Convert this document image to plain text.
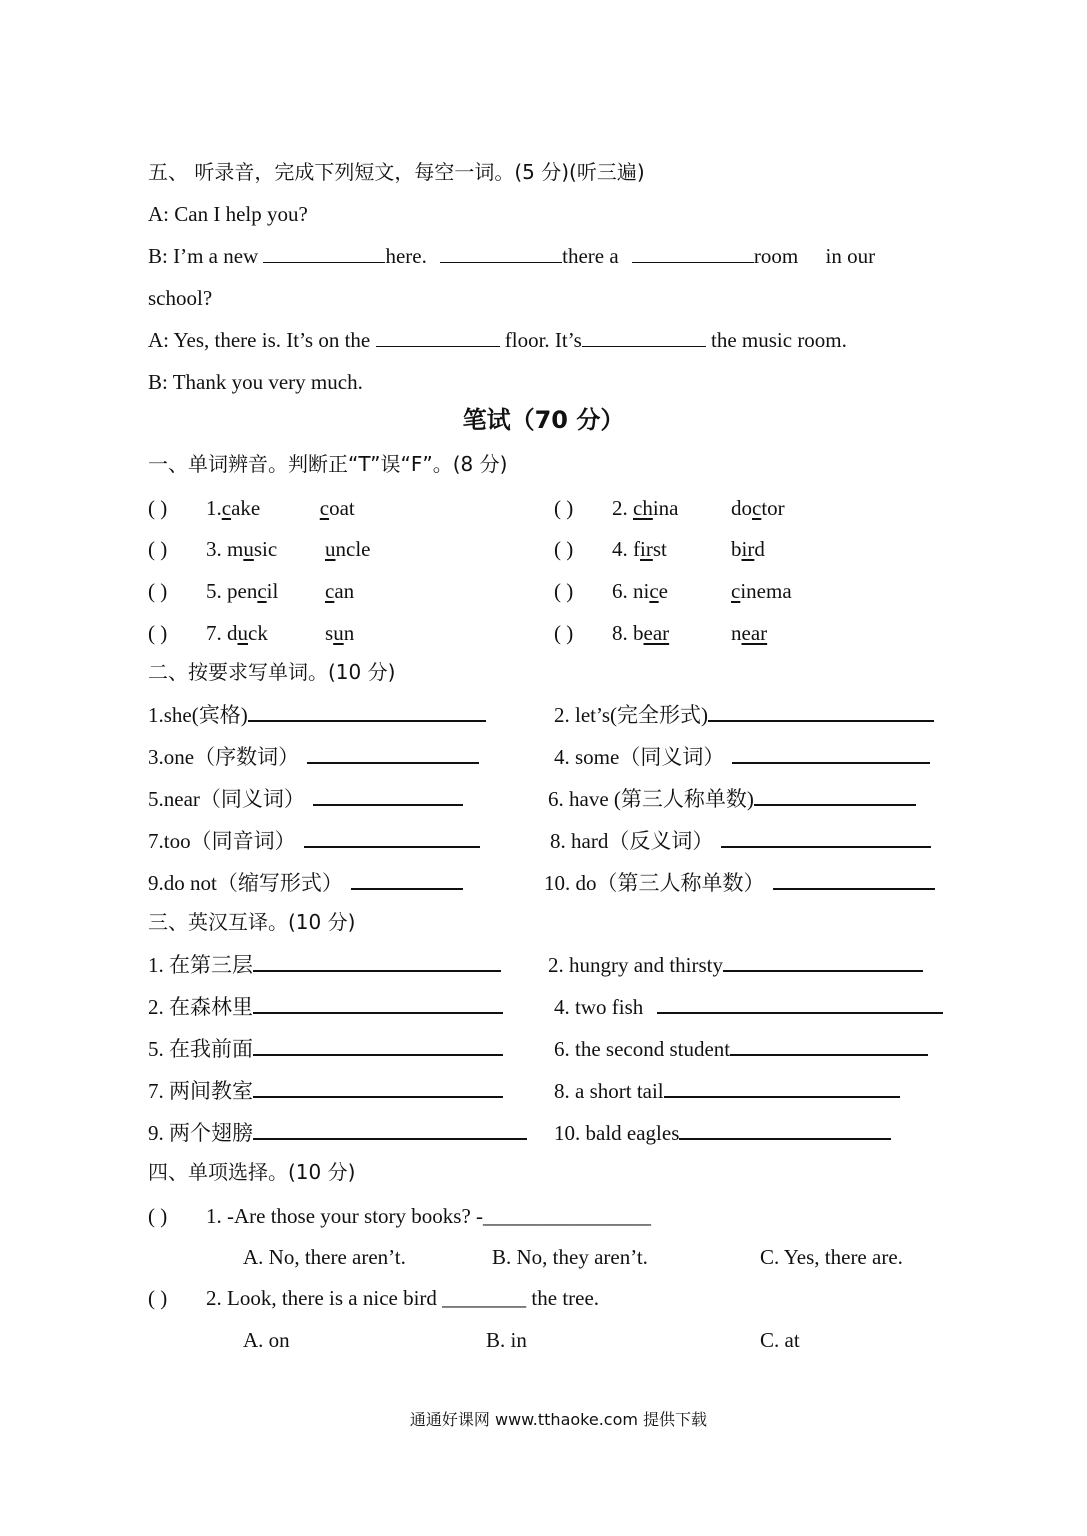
五、 听录音，完成下列短文，每空一词。(5 分)(听三遍)
A: Can I help you?
B: I’m a new	here.	there a	room in our
school?
A: Yes, there is. It’s on the	floor. It’s	the music room.
B: Thank you very much.
笔试（70 分）
一、单词辨音。判断正“T”误“F”。(8 分)
( ) 1.cake	coat	( ) 2. china	doctor
( ) 3. music uncle	( ) 4. first	bird
( ) 5. pencil can	( ) 6. nice	cinema
( ) 7. duck	sun	( ) 8. bear	near
二、按要求写单词。(10 分)
1.she(宾格)	2. let’s(完全形式)
3.one（序数词）	4. some（同义词）
5.near（同义词）	6. have (第三人称单数)
7.too（同音词）	8. hard（反义词）
9.do not（缩写形式）	10. do（第三人称单数）
三、英汉互译。(10 分)
1. 在第三层	2. hungry and thirsty
2. 在森林里	4. two fish
5. 在我前面	6. the second student
7. 两间教室	8. a short tail
9. 两个翅膀	10. bald eagles
四、单项选择。(10 分)
( ) 1. -Are those your story books? -________________
A. No, there aren’t.	B. No, they aren’t.	C. Yes, there are.
( ) 2. Look, there is a nice bird ________ the tree.
A. on	B. in	C. at
通通好课网 www.tthaoke.com 提供下载
